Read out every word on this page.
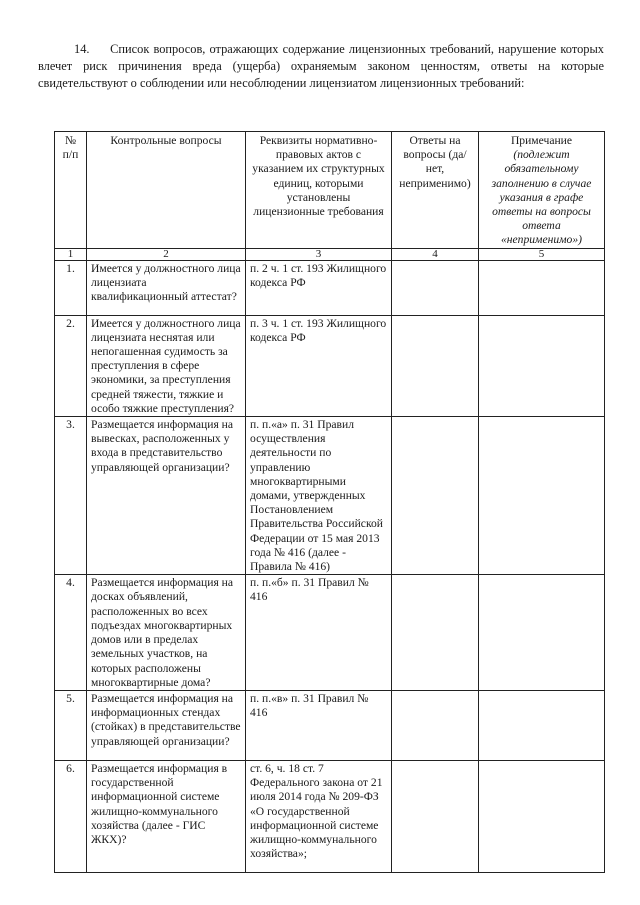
14. Список вопросов, отражающих содержание лицензионных требований, нарушение которых влечет риск причинения вреда (ущерба) охраняемым законом ценностям, ответы на которые свидетельствуют о соблюдении или несоблюдении лицензиатом лицензионных требований:
№ п/п	Контрольные вопросы	Реквизиты нормативно-правовых актов с указанием их структурных единиц, которыми установлены лицензионные требования	Ответы на вопросы (да/нет, неприменимо)	Примечание
(подлежит обязательному заполнению в случае указания в графе ответы на вопросы ответа «неприменимо»)
1	2	3	4	5
1.	Имеется у должностного лица лицензиата квалификационный аттестат?	п. 2 ч. 1 ст. 193 Жилищного кодекса РФ		
2.	Имеется у должностного лица лицензиата неснятая или непогашенная судимость за преступления в сфере экономики, за преступления средней тяжести, тяжкие и особо тяжкие преступления?	п. 3 ч. 1 ст. 193 Жилищного кодекса РФ		
3.	Размещается информация на вывесках, расположенных у входа в представительство управляющей организации?	п. п.«а» п. 31 Правил осуществления деятельности по управлению многоквартирными домами, утвержденных Постановлением Правительства Российской Федерации от 15 мая 2013 года № 416 (далее - Правила № 416)		
4.	Размещается информация на досках объявлений, расположенных во всех подъездах многоквартирных домов или в пределах земельных участков, на которых расположены многоквартирные дома?	п. п.«б» п. 31 Правил № 416		
5.	Размещается информация на информационных стендах (стойках) в представительстве управляющей организации?	п. п.«в» п. 31 Правил № 416		
6.	Размещается информация в государственной информационной системе жилищно-коммунального хозяйства (далее - ГИС ЖКХ)?	ст. 6, ч. 18 ст. 7 Федерального закона от 21 июля 2014 года № 209-ФЗ «О государственной информационной системе жилищно-коммунального хозяйства»;		
